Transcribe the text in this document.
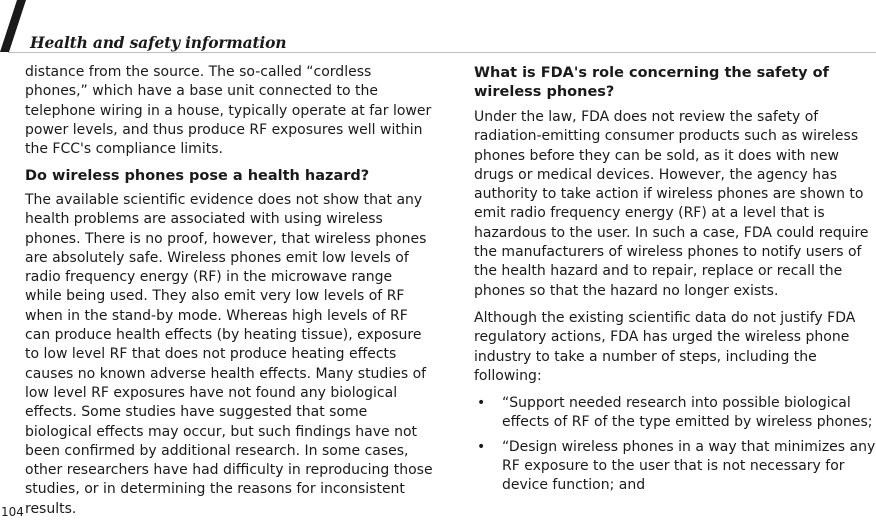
Health and safety information

distance from the source. The so-called “cordless phones,” which have a base unit connected to the telephone wiring in a house, typically operate at far lower power levels, and thus produce RF exposures well within the FCC's compliance limits.

Do wireless phones pose a health hazard?

The available scientific evidence does not show that any health problems are associated with using wireless phones. There is no proof, however, that wireless phones are absolutely safe. Wireless phones emit low levels of radio frequency energy (RF) in the microwave range while being used. They also emit very low levels of RF when in the stand-by mode. Whereas high levels of RF can produce health effects (by heating tissue), exposure to low level RF that does not produce heating effects causes no known adverse health effects. Many studies of low level RF exposures have not found any biological effects. Some studies have suggested that some biological effects may occur, but such findings have not been confirmed by additional research. In some cases, other researchers have had difficulty in reproducing those studies, or in determining the reasons for inconsistent results.

What is FDA's role concerning the safety of wireless phones?

Under the law, FDA does not review the safety of radiation-emitting consumer products such as wireless phones before they can be sold, as it does with new drugs or medical devices. However, the agency has authority to take action if wireless phones are shown to emit radio frequency energy (RF) at a level that is hazardous to the user. In such a case, FDA could require the manufacturers of wireless phones to notify users of the health hazard and to repair, replace or recall the phones so that the hazard no longer exists.

Although the existing scientific data do not justify FDA regulatory actions, FDA has urged the wireless phone industry to take a number of steps, including the following:

• “Support needed research into possible biological effects of RF of the type emitted by wireless phones;
• “Design wireless phones in a way that minimizes any RF exposure to the user that is not necessary for device function; and
104
